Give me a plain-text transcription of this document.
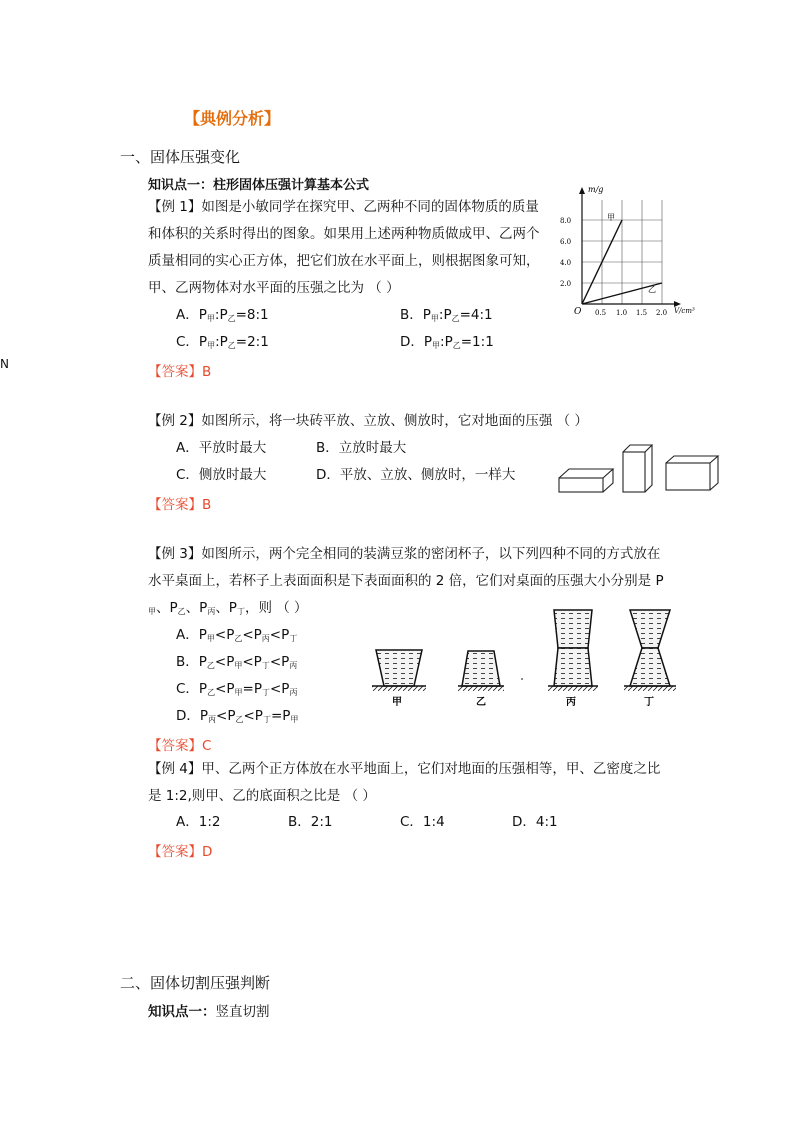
【典例分析】
N
一、固体压强变化
知识点一：柱形固体压强计算基本公式
【例 1】如图是小敏同学在探究甲、乙两种不同的固体物质的质量
和体积的关系时得出的图象。如果用上述两种物质做成甲、乙两个
质量相同的实心正方体，把它们放在水平面上，则根据图象可知，
甲、乙两物体对水平面的压强之比为 （ ）
A．$P_甲:P_乙=8:1$	B．$P_甲:P_乙=4:1$
C．$P_甲:P_乙=2:1$	D．$P_甲:P_乙=1:1$
【答案】B
m/g
2.0
4.0
6.0
8.0
O 0.5 1.0 1.5 2.0 V/cm³
甲
乙
【例 2】如图所示，将一块砖平放、立放、侧放时，它对地面的压强 （ ）
A．平放时最大	B．立放时最大
C．侧放时最大	D．平放、立放、侧放时，一样大
【答案】B
【例 3】如图所示，两个完全相同的装满豆浆的密闭杯子，以下列四种不同的方式放在
水平桌面上，若杯子上表面面积是下表面面积的 2 倍，它们对桌面的压强大小分别是 P
$_甲$、$P_乙$、$P_丙$、$P_丁$，则 （ ）
A．$P_甲<P_乙<P_丙<P_丁$
B．$P_乙<P_甲<P_丁<P_丙$
C．$P_乙<P_甲=P_丁<P_丙$
D．$P_丙<P_乙<P_丁=P_甲$
【答案】C
甲	乙	丙	丁
【例 4】甲、乙两个正方体放在水平地面上，它们对地面的压强相等，甲、乙密度之比
是 1:2,则甲、乙的底面积之比是 （ ）
A．1:2	B．2:1	C．1:4	D．4:1
【答案】D
二、固体切割压强判断
知识点一：竖直切割
